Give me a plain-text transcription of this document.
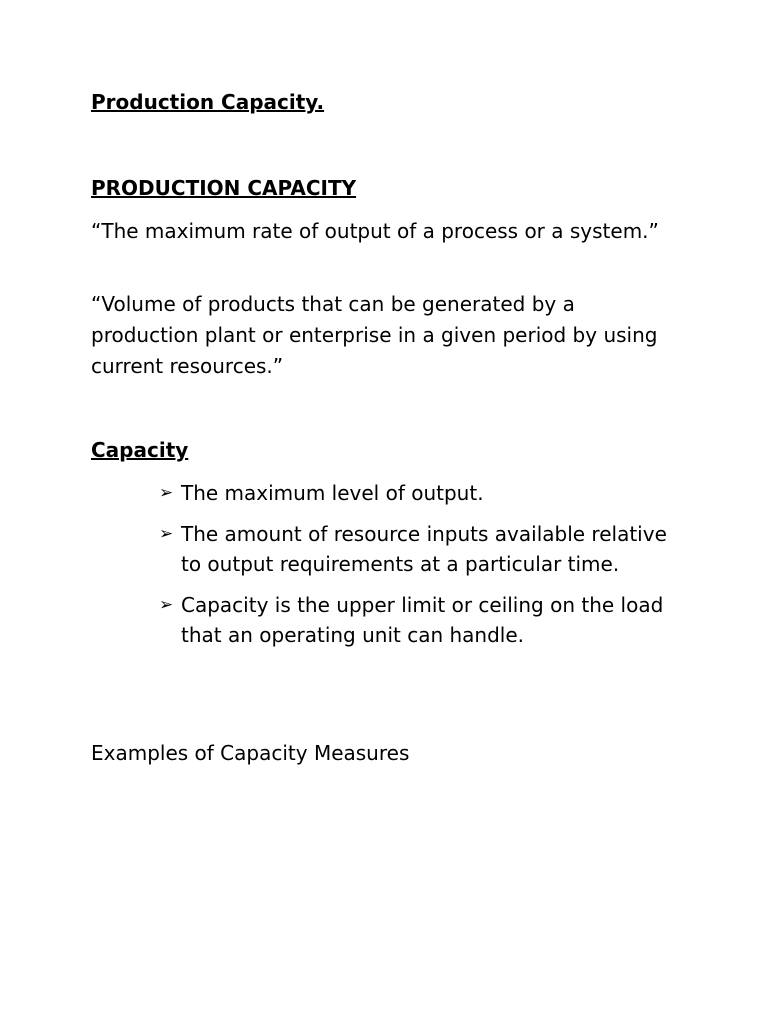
Production Capacity.
PRODUCTION CAPACITY
“The maximum rate of output of a process or a system.”
“Volume of products that can be generated by a production plant or enterprise in a given period by using current resources.”
Capacity
➢ The maximum level of output.
➢ The amount of resource inputs available relative to output requirements at a particular time.
➢ Capacity is the upper limit or ceiling on the load that an operating unit can handle.
Examples of Capacity Measures
